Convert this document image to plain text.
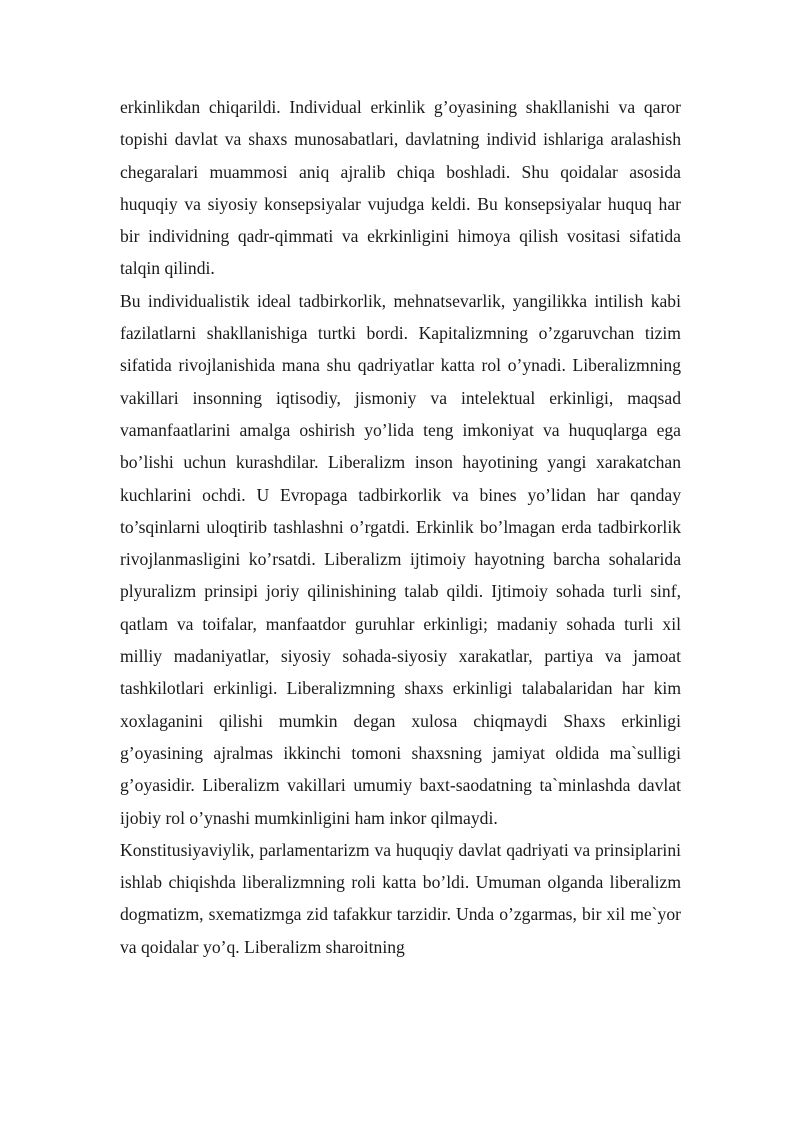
erkinlikdan chiqarildi. Individual erkinlik g’oyasining shakllanishi va qaror topishi davlat va shaxs munosabatlari, davlatning individ ishlariga aralashish chegaralari muammosi aniq ajralib chiqa boshladi. Shu qoidalar asosida huquqiy va siyosiy konsepsiyalar vujudga keldi. Bu konsepsiyalar huquq har bir individning qadr-qimmati va ekrkinligini himoya qilish vositasi sifatida talqin qilindi.

Bu individualistik ideal tadbirkorlik, mehnatsevarlik, yangilikka intilish kabi fazilatlarni shakllanishiga turtki bordi. Kapitalizmning o’zgaruvchan tizim sifatida rivojlanishida mana shu qadriyatlar katta rol o’ynadi. Liberalizmning vakillari insonning iqtisodiy, jismoniy va intelektual erkinligi, maqsad vamanfaatlarini amalga oshirish yo’lida teng imkoniyat va huquqlarga ega bo’lishi uchun kurashdilar. Liberalizm inson hayotining yangi xarakatchan kuchlarini ochdi. U Evropaga tadbirkorlik va bines yo’lidan har qanday to’sqinlarni uloqtirib tashlashni o’rgatdi. Erkinlik bo’lmagan erda tadbirkorlik rivojlanmasligini ko’rsatdi. Liberalizm ijtimoiy hayotning barcha sohalarida plyuralizm prinsipi joriy qilinishining talab qildi. Ijtimoiy sohada turli sinf, qatlam va toifalar, manfaatdor guruhlar erkinligi; madaniy sohada turli xil milliy madaniyatlar, siyosiy sohada-siyosiy xarakatlar, partiya va jamoat tashkilotlari erkinligi. Liberalizmning shaxs erkinligi talabalaridan har kim xoxlaganini qilishi mumkin degan xulosa chiqmaydi Shaxs erkinligi g’oyasining ajralmas ikkinchi tomoni shaxsning jamiyat oldida ma`sulligi g’oyasidir. Liberalizm vakillari umumiy baxt-saodatning ta`minlashda davlat ijobiy rol o’ynashi mumkinligini ham inkor qilmaydi.

Konstitusiyaviylik, parlamentarizm va huquqiy davlat qadriyati va prinsiplarini ishlab chiqishda liberalizmning roli katta bo’ldi. Umuman olganda liberalizm dogmatizm, sxematizmga zid tafakkur tarzidir. Unda o’zgarmas, bir xil me`yor va qoidalar yo’q. Liberalizm sharoitning
